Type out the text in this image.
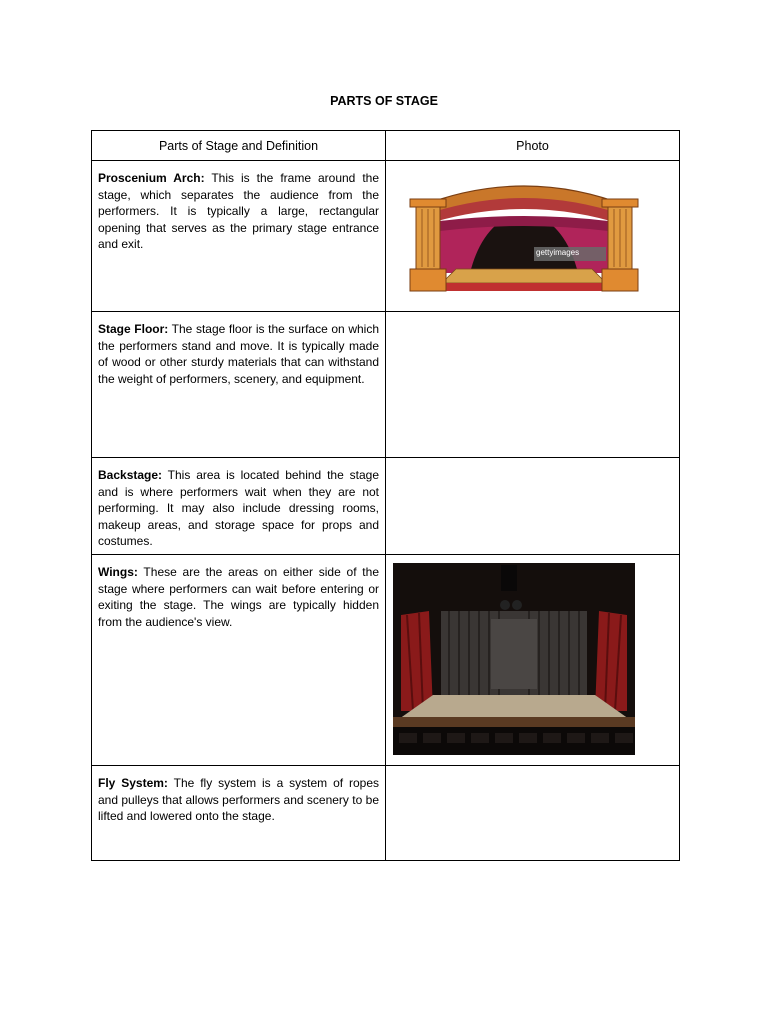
PARTS OF STAGE
Parts of Stage and Definition	Photo

Proscenium Arch: This is the frame around the stage, which separates the audience from the performers. It is typically a large, rectangular opening that serves as the primary stage entrance and exit.	gettyimages

Stage Floor: The stage floor is the surface on which the performers stand and move. It is typically made of wood or other sturdy materials that can withstand the weight of performers, scenery, and equipment.	

Backstage: This area is located behind the stage and is where performers wait when they are not performing. It may also include dressing rooms, makeup areas, and storage space for props and costumes.	

Wings: These are the areas on either side of the stage where performers can wait before entering or exiting the stage. The wings are typically hidden from the audience's view.

Fly System: The fly system is a system of ropes and pulleys that allows performers and scenery to be lifted and lowered onto the stage.	
